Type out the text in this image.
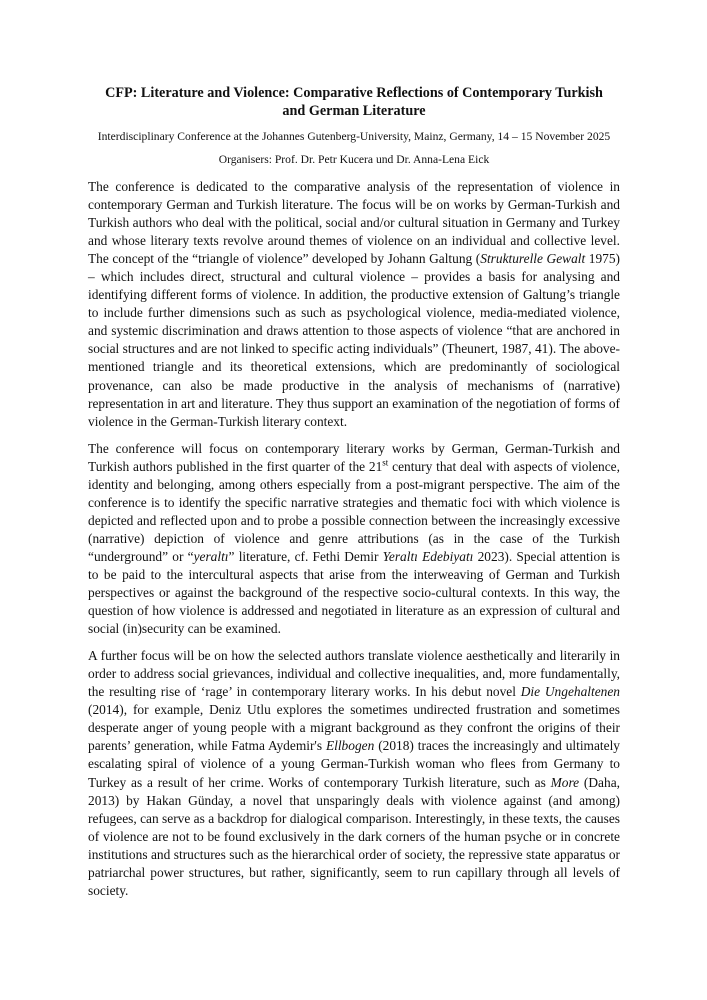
CFP: Literature and Violence: Comparative Reflections of Contemporary Turkish and German Literature
Interdisciplinary Conference at the Johannes Gutenberg-University, Mainz, Germany, 14 – 15 November 2025
Organisers: Prof. Dr. Petr Kucera und Dr. Anna-Lena Eick

The conference is dedicated to the comparative analysis of the representation of violence in contemporary German and Turkish literature. The focus will be on works by German-Turkish and Turkish authors who deal with the political, social and/or cultural situation in Germany and Turkey and whose literary texts revolve around themes of violence on an individual and collective level. The concept of the “triangle of violence” developed by Johann Galtung (Strukturelle Gewalt 1975) – which includes direct, structural and cultural violence – provides a basis for analysing and identifying different forms of violence. In addition, the productive extension of Galtung’s triangle to include further dimensions such as such as psychological violence, media-mediated violence, and systemic discrimination and draws attention to those aspects of violence “that are anchored in social structures and are not linked to specific acting individuals” (Theunert, 1987, 41). The above-mentioned triangle and its theoretical extensions, which are predominantly of sociological provenance, can also be made productive in the analysis of mechanisms of (narrative) representation in art and literature. They thus support an examination of the negotiation of forms of violence in the German-Turkish literary context.

The conference will focus on contemporary literary works by German, German-Turkish and Turkish authors published in the first quarter of the 21st century that deal with aspects of violence, identity and belonging, among others especially from a post-migrant perspective. The aim of the conference is to identify the specific narrative strategies and thematic foci with which violence is depicted and reflected upon and to probe a possible connection between the increasingly excessive (narrative) depiction of violence and genre attributions (as in the case of the Turkish “underground” or “yeraltı” literature, cf. Fethi Demir Yeraltı Edebiyatı 2023). Special attention is to be paid to the intercultural aspects that arise from the interweaving of German and Turkish perspectives or against the background of the respective socio-cultural contexts. In this way, the question of how violence is addressed and negotiated in literature as an expression of cultural and social (in)security can be examined.

A further focus will be on how the selected authors translate violence aesthetically and literarily in order to address social grievances, individual and collective inequalities, and, more fundamentally, the resulting rise of ‘rage’ in contemporary literary works. In his debut novel Die Ungehaltenen (2014), for example, Deniz Utlu explores the sometimes undirected frustration and sometimes desperate anger of young people with a migrant background as they confront the origins of their parents’ generation, while Fatma Aydemir's Ellbogen (2018) traces the increasingly and ultimately escalating spiral of violence of a young German-Turkish woman who flees from Germany to Turkey as a result of her crime. Works of contemporary Turkish literature, such as More (Daha, 2013) by Hakan Günday, a novel that unsparingly deals with violence against (and among) refugees, can serve as a backdrop for dialogical comparison. Interestingly, in these texts, the causes of violence are not to be found exclusively in the dark corners of the human psyche or in concrete institutions and structures such as the hierarchical order of society, the repressive state apparatus or patriarchal power structures, but rather, significantly, seem to run capillary through all levels of society.
